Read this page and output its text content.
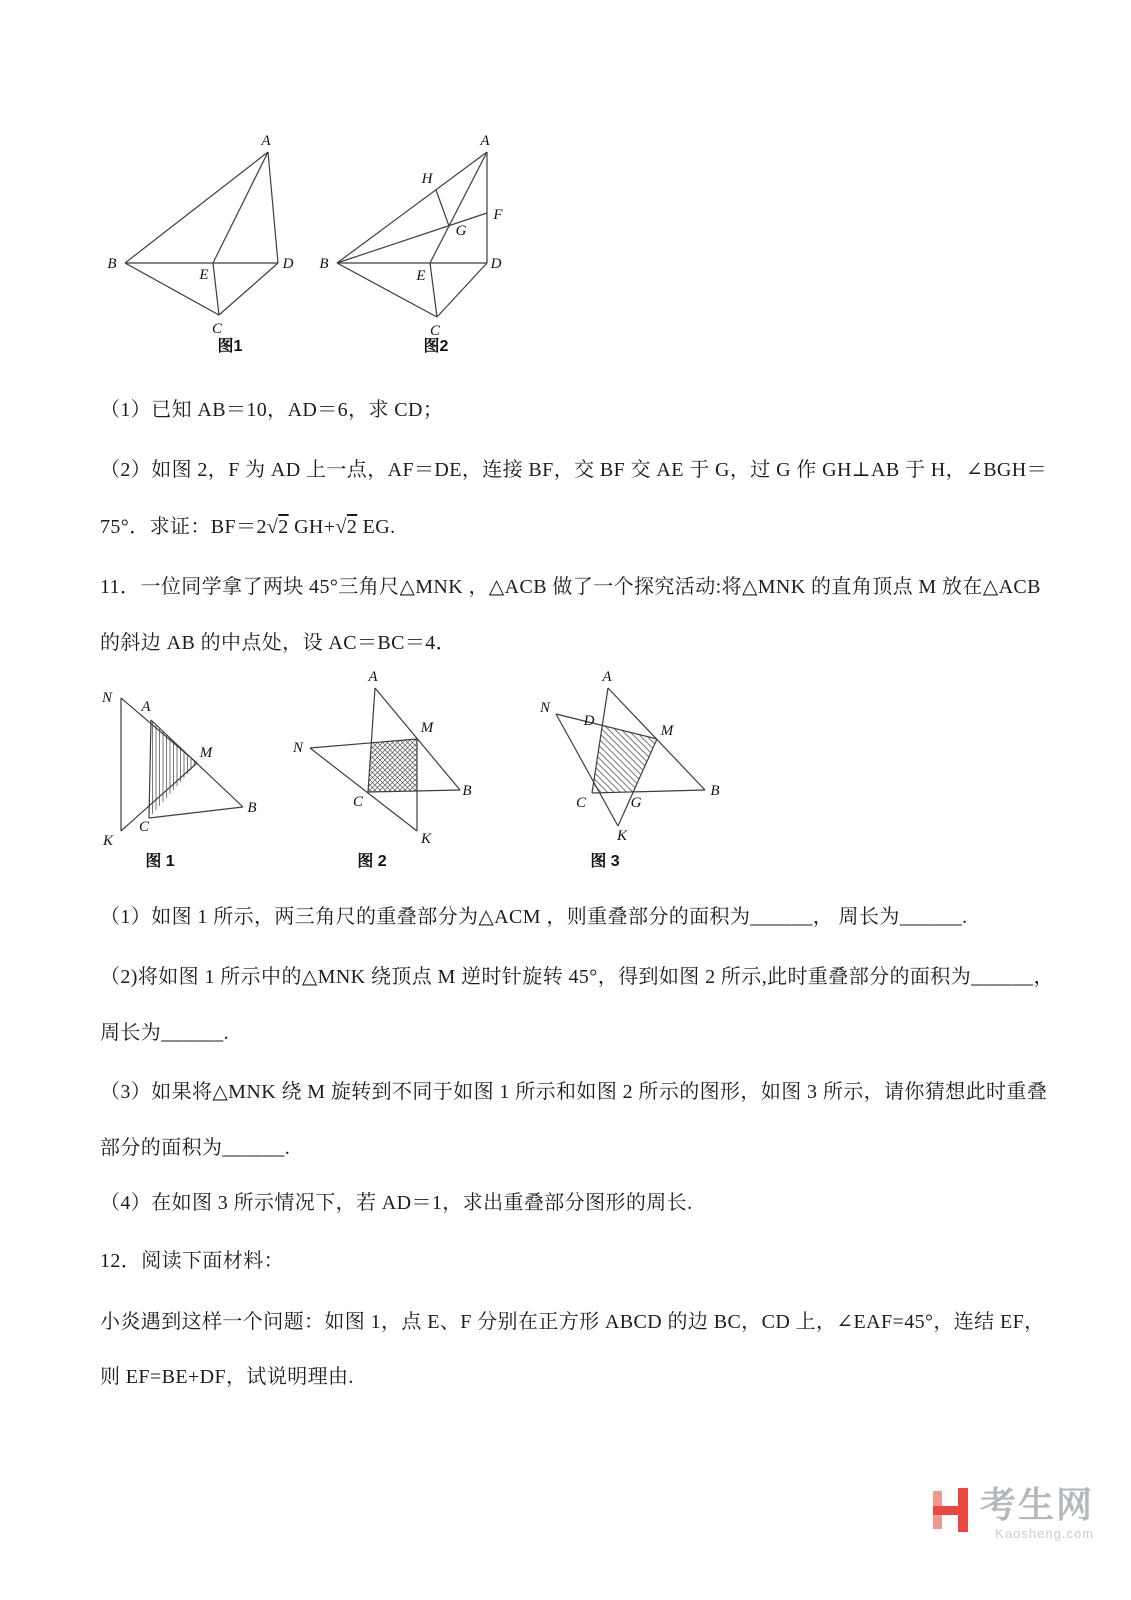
A
B
E
D
C
图1
A
H
F
G
B
E
D
C
图2
（1）已知 AB＝10，AD＝6，求 CD；
（2）如图 2，F 为 AD 上一点，AF＝DE，连接 BF，交 BF 交 AE 于 G，过 G 作 GH⊥AB 于 H，∠BGH＝
75°．求证：BF＝2√2 GH+√2 EG.
11．一位同学拿了两块 45°三角尺△MNK ，△ACB 做了一个探究活动:将△MNK 的直角顶点 M 放在△ACB
的斜边 AB 的中点处，设 AC＝BC＝4．
N
A
M
B
K
C
图 1
A
M
N
C
B
K
图 2
A
N
D
M
C	G
B
K
图 3
（1）如图 1 所示，两三角尺的重叠部分为△ACM ，则重叠部分的面积为______， 周长为______.
（2)将如图 1 所示中的△MNK 绕顶点 M 逆时针旋转 45°，得到如图 2 所示,此时重叠部分的面积为______，
周长为______.
（3）如果将△MNK 绕 M 旋转到不同于如图 1 所示和如图 2 所示的图形，如图 3 所示，请你猜想此时重叠
部分的面积为______.
（4）在如图 3 所示情况下，若 AD＝1，求出重叠部分图形的周长.
12．阅读下面材料：
小炎遇到这样一个问题：如图 1，点 E、F 分别在正方形 ABCD 的边 BC，CD 上，∠EAF=45°，连结 EF，
则 EF=BE+DF，试说明理由.
考生网
Kaosheng.com
